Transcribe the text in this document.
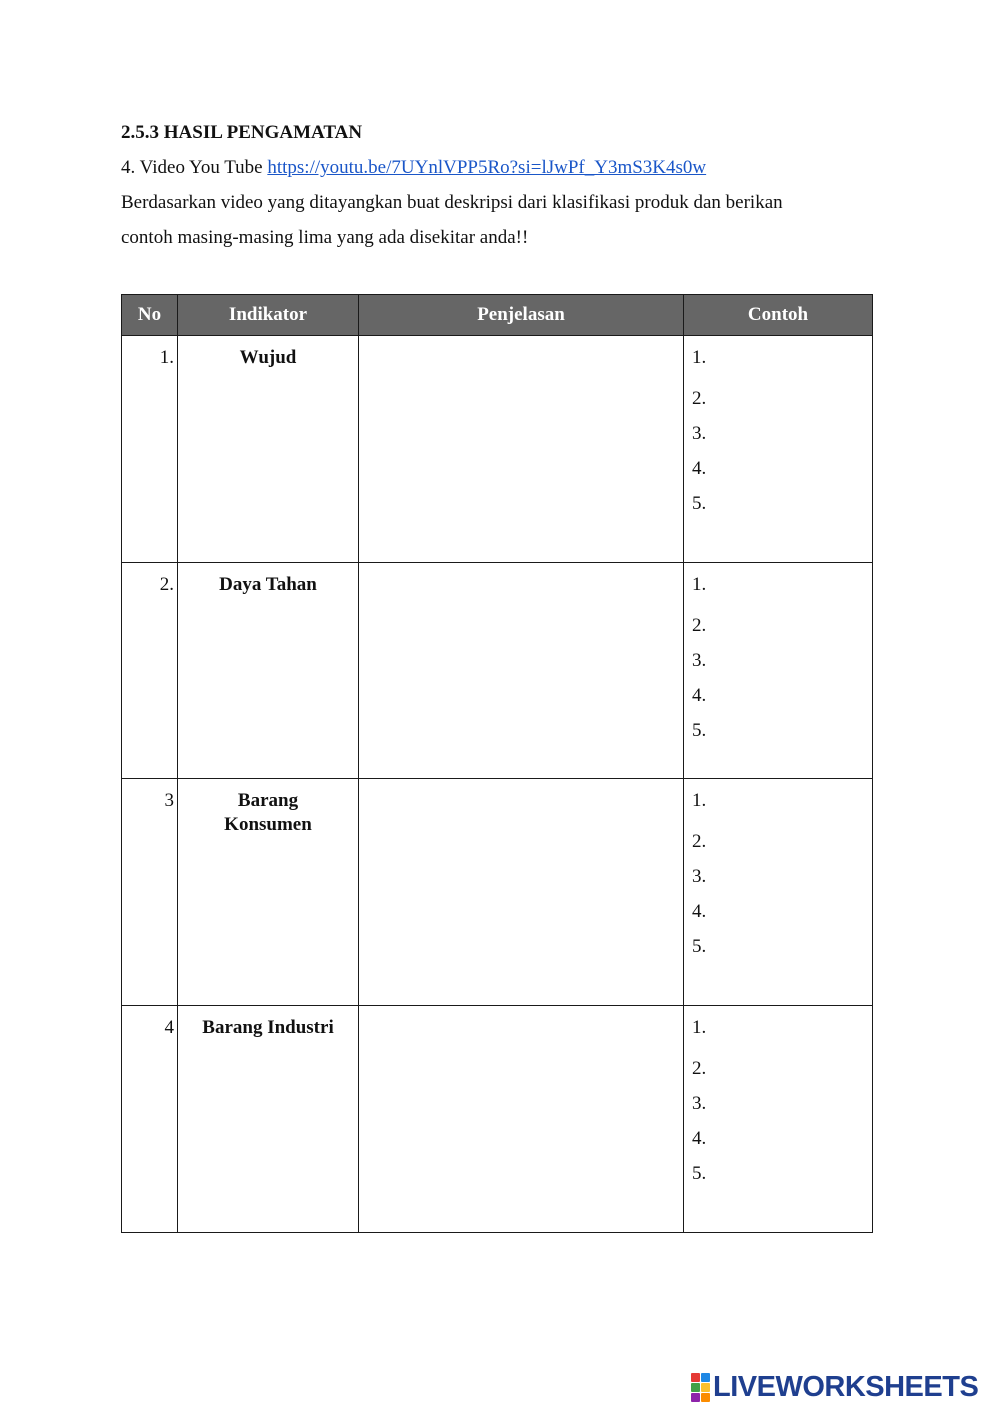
2.5.3 HASIL PENGAMATAN
4. Video You Tube https://youtu.be/7UYnlVPP5Ro?si=lJwPf_Y3mS3K4s0w
Berdasarkan video yang ditayangkan buat deskripsi dari klasifikasi produk dan berikan
contoh masing-masing lima yang ada disekitar anda!!
No	Indikator	Penjelasan	Contoh
1.	Wujud		1.
2.
3.
4.
5.

2.	Daya Tahan		1.
2.
3.
4.
5.

3	Barang Konsumen		1.
2.
3.
4.
5.

4	Barang Industri		1.
2.
3.
4.
5.
LIVEWORKSHEETS
